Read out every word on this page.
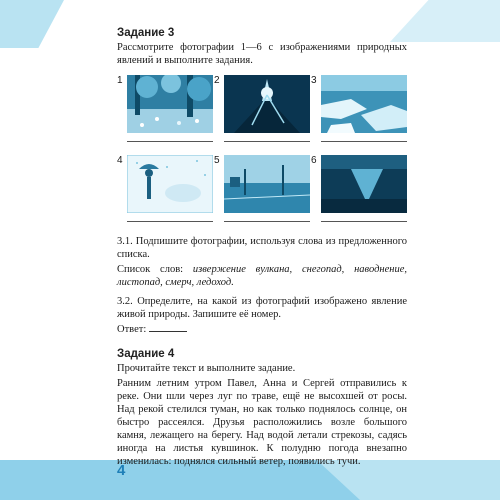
4
Задание 3

Рассмотрите фотографии 1—6 с изображениями природных явлений и выполните задания.

1	2	3
4	5	6

3.1. Подпишите фотографии, используя слова из предложенного списка.

Список слов: извержение вулкана, снегопад, наводнение, листопад, смерч, ледоход.

3.2. Определите, на какой из фотографий изображено явление живой природы. Запишите её номер.

Ответ:

Задание 4

Прочитайте текст и выполните задание.

Ранним летним утром Павел, Анна и Сергей отправились к реке. Они шли через луг по траве, ещё не высохшей от росы. Над рекой стелился туман, но как только поднялось солнце, он быстро рассеялся. Друзья расположились возле большого камня, лежащего на берегу. Над водой летали стрекозы, садясь иногда на листья кувшинок. К полудню погода внезапно изменилась: поднялся сильный ветер, появились тучи.
